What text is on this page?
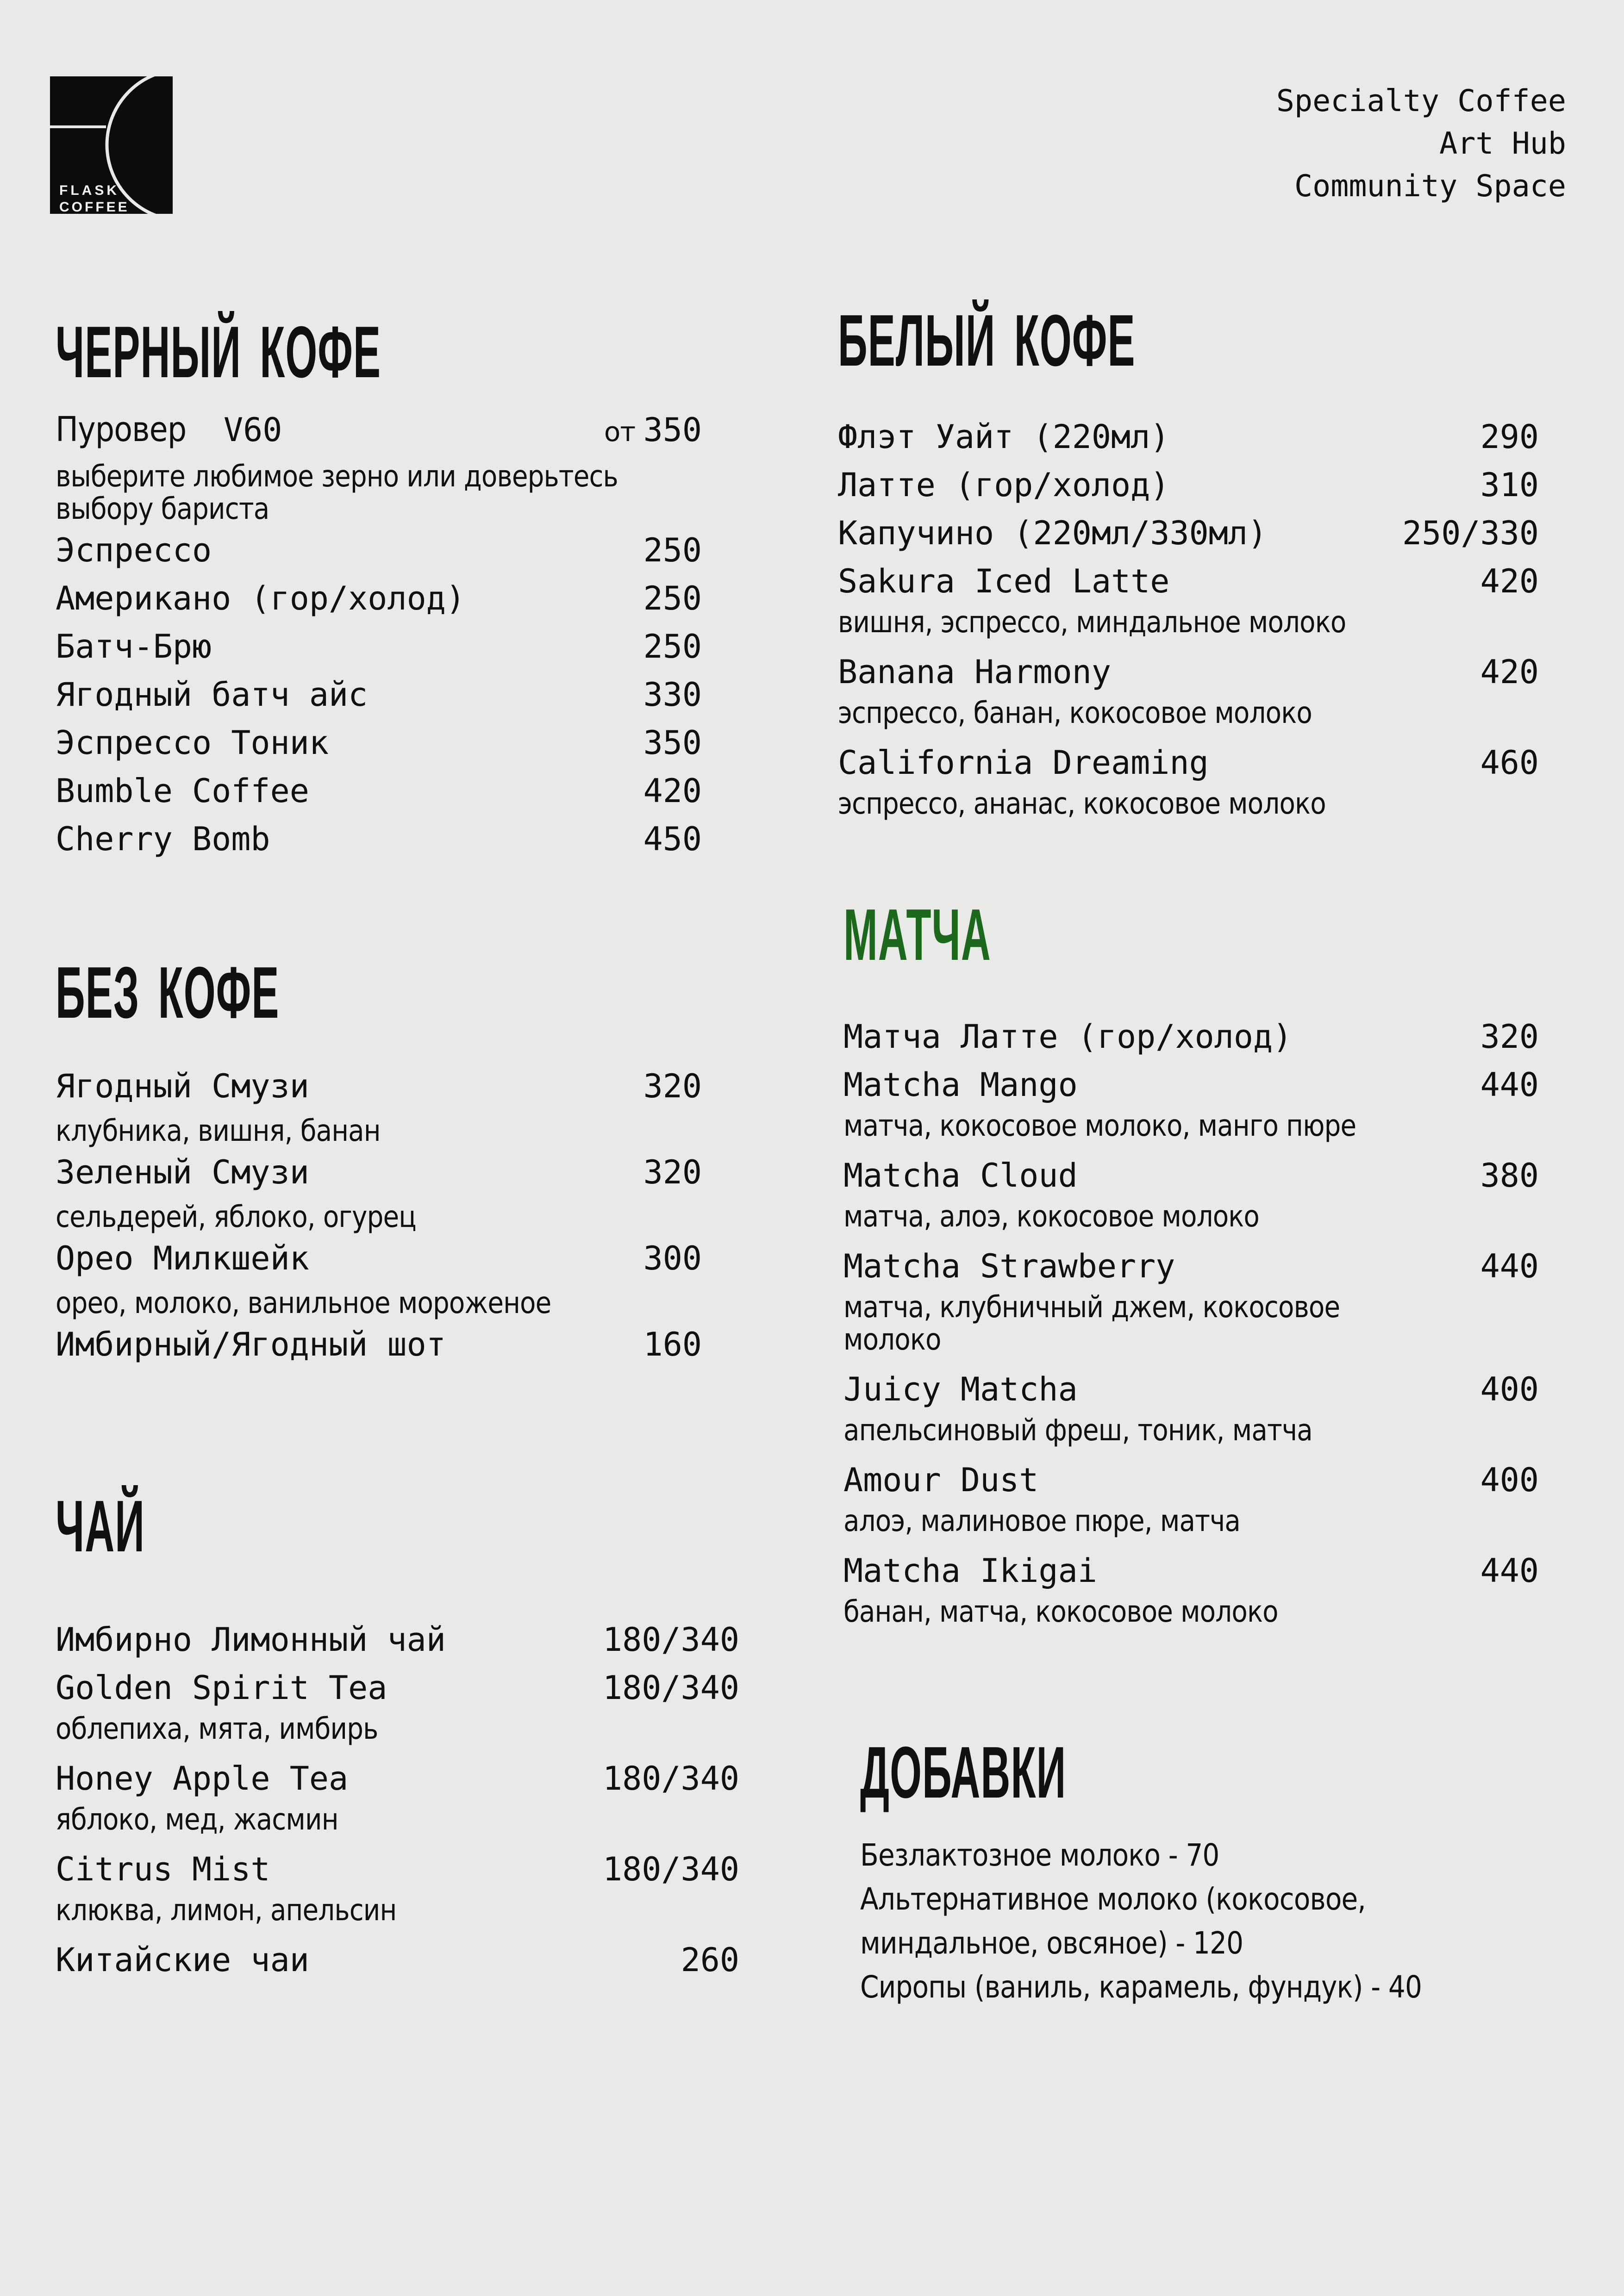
FLASK
COFFEE
Specialty Coffee
Art Hub
Community Space
ЧЕРНЫЙ КОФЕ
Пуровер V60	от 350
выберите любимое зерно или доверьтесь
выбору бариста
Эспрессо	250
Американо (гор/холод)	250
Батч-Брю	250
Ягодный батч айс	330
Эспрессо Тоник	350
Bumble Coffee	420
Cherry Bomb	450
БЕЗ КОФЕ
Ягодный Смузи	320
клубника, вишня, банан
Зеленый Смузи	320
сельдерей, яблоко, огурец
Орео Милкшейк	300
орео, молоко, ванильное мороженое
Имбирный/Ягодный шот	160
ЧАЙ
Имбирно Лимонный чай	180/340
Golden Spirit Tea	180/340
облепиха, мята, имбирь
Honey Apple Tea	180/340
яблоко, мед, жасмин
Citrus Mist	180/340
клюква, лимон, апельсин
Китайские чаи	260
БЕЛЫЙ КОФЕ
Флэт Уайт (220мл)	290
Латте (гор/холод)	310
Капучино (220мл/330мл)	250/330
Sakura Iced Latte	420
вишня, эспрессо, миндальное молоко
Banana Harmony	420
эспрессо, банан, кокосовое молоко
California Dreaming	460
эспрессо, ананас, кокосовое молоко
МАТЧА
Матча Латте (гор/холод)	320
Matcha Mango	440
матча, кокосовое молоко, манго пюре
Matcha Cloud	380
матча, алоэ, кокосовое молоко
Matcha Strawberry	440
матча, клубничный джем, кокосовое
молоко
Juicy Matcha	400
апельсиновый фреш, тоник, матча
Amour Dust	400
алоэ, малиновое пюре, матча
Matcha Ikigai	440
банан, матча, кокосовое молоко
ДОБАВКИ
Безлактозное молоко - 70
Альтернативное молоко (кокосовое,
миндальное, овсяное) - 120
Сиропы (ваниль, карамель, фундук) - 40
